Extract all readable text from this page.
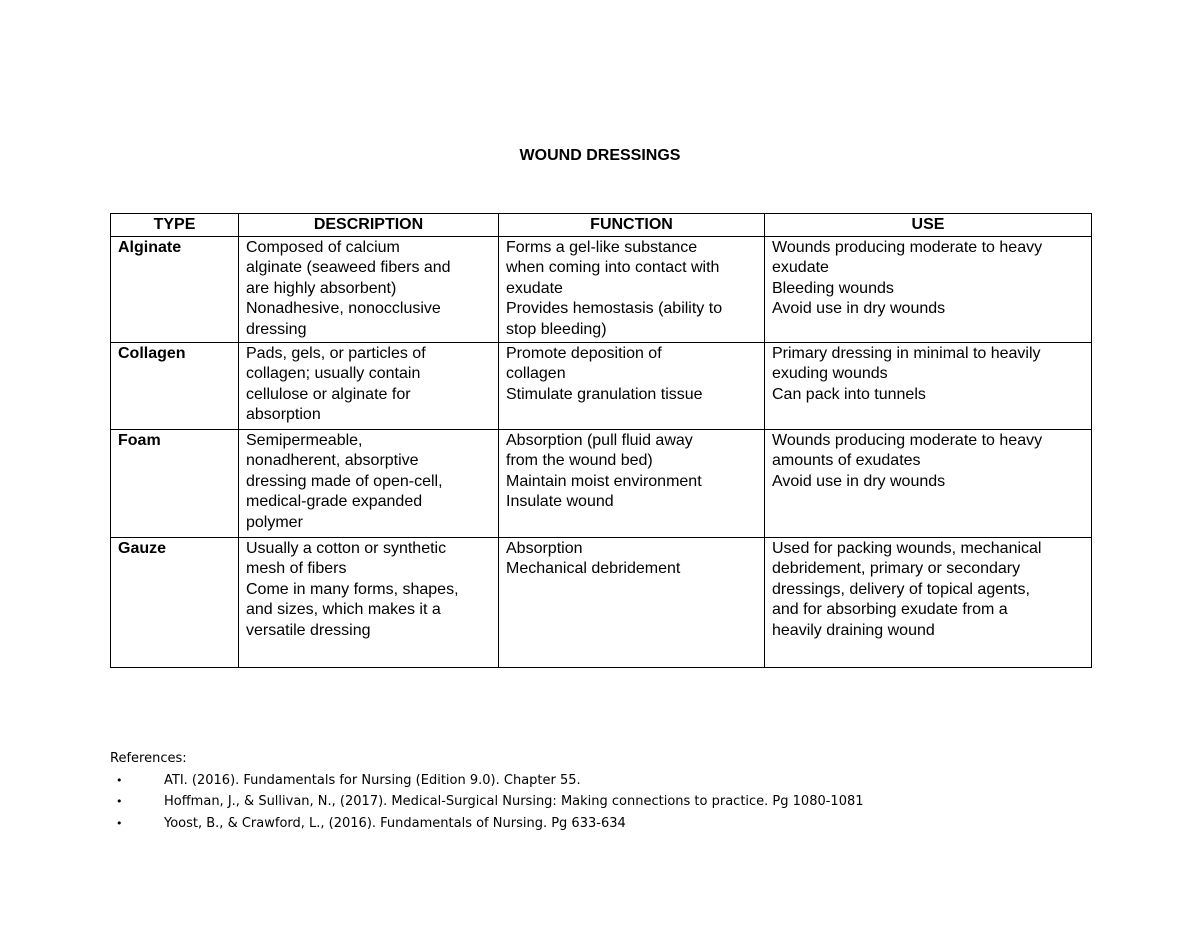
WOUND DRESSINGS
TYPE	DESCRIPTION	FUNCTION	USE
Alginate	Composed of calcium
alginate (seaweed fibers and
are highly absorbent)
Nonadhesive, nonocclusive
dressing	Forms a gel-like substance
when coming into contact with
exudate
Provides hemostasis (ability to
stop bleeding)	Wounds producing moderate to heavy
exudate
Bleeding wounds
Avoid use in dry wounds

Collagen	Pads, gels, or particles of
collagen; usually contain
cellulose or alginate for
absorption	Promote deposition of
collagen
Stimulate granulation tissue	Primary dressing in minimal to heavily
exuding wounds
Can pack into tunnels

Foam	Semipermeable,
nonadherent, absorptive
dressing made of open-cell,
medical-grade expanded
polymer	Absorption (pull fluid away
from the wound bed)
Maintain moist environment
Insulate wound	Wounds producing moderate to heavy
amounts of exudates
Avoid use in dry wounds

Gauze	Usually a cotton or synthetic
mesh of fibers
Come in many forms, shapes,
and sizes, which makes it a
versatile dressing	Absorption
Mechanical debridement	Used for packing wounds, mechanical
debridement, primary or secondary
dressings, delivery of topical agents,
and for absorbing exudate from a
heavily draining wound
References:
•	ATI. (2016). Fundamentals for Nursing (Edition 9.0). Chapter 55.
•	Hoffman, J., & Sullivan, N., (2017). Medical-Surgical Nursing: Making connections to practice. Pg 1080-1081
•	Yoost, B., & Crawford, L., (2016). Fundamentals of Nursing. Pg 633-634
